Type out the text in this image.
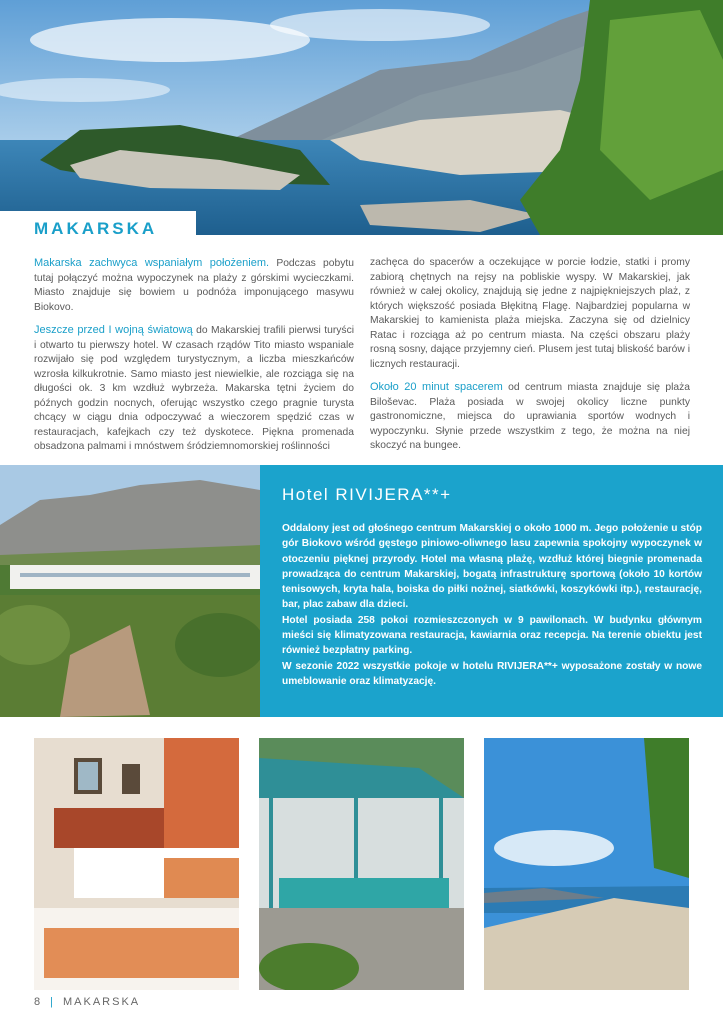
MAKARSKA

Makarska zachwyca wspaniałym położeniem. Podczas pobytu tutaj połączyć można wypoczynek na plaży z górskimi wycieczkami. Miasto znajduje się bowiem u podnóża imponującego masywu Biokovo.

Jeszcze przed I wojną światową do Makarskiej trafili pierwsi turyści i otwarto tu pierwszy hotel. W czasach rządów Tito miasto wspaniale rozwijało się pod względem turystycznym, a liczba mieszkańców wzrosła kilkukrotnie. Samo miasto jest niewielkie, ale rozciąga się na długości ok. 3 km wzdłuż wybrzeża. Makarska tętni życiem do późnych godzin nocnych, oferując wszystko czego pragnie turysta chcący w ciągu dnia odpoczywać a wieczorem spędzić czas w restauracjach, kafejkach czy też dyskotece. Piękna promenada obsadzona palmami i mnóstwem śródziemnomorskiej roślinności

zachęca do spacerów a oczekujące w porcie łodzie, statki i promy zabiorą chętnych na rejsy na pobliskie wyspy. W Makarskiej, jak również w całej okolicy, znajdują się jedne z najpiękniejszych plaż, z których większość posiada Błękitną Flagę. Najbardziej popularna w Makarskiej to kamienista plaża miejska. Zaczyna się od dzielnicy Ratac i rozciąga aż po centrum miasta. Na części obszaru plaży rosną sosny, dające przyjemny cień. Plusem jest tutaj bliskość barów i licznych restauracji.

Około 20 minut spacerem od centrum miasta znajduje się plaża Biloševac. Plaża posiada w swojej okolicy liczne punkty gastronomiczne, miejsca do uprawiania sportów wodnych i wypoczynku. Słynie przede wszystkim z tego, że można na niej skoczyć na bungee.

Hotel RIVIJERA**+

Oddalony jest od głośnego centrum Makarskiej o około 1000 m. Jego położenie u stóp gór Biokovo wśród gęstego piniowo-oliwnego lasu zapewnia spokojny wypoczynek w otoczeniu pięknej przyrody. Hotel ma własną plażę, wzdłuż której biegnie promenada prowadząca do centrum Makarskiej, bogatą infrastrukturę sportową (około 10 kortów tenisowych, kryta hala, boiska do piłki nożnej, siatkówki, koszykówki itp.), restaurację, bar, plac zabaw dla dzieci.

Hotel posiada 258 pokoi rozmieszczonych w 9 pawilonach. W budynku głównym mieści się klimatyzowana restauracja, kawiarnia oraz recepcja. Na terenie obiektu jest również bezpłatny parking.

W sezonie 2022 wszystkie pokoje w hotelu RIVIJERA**+ wyposażone zostały w nowe umeblowanie oraz klimatyzację.

8 | MAKARSKA
